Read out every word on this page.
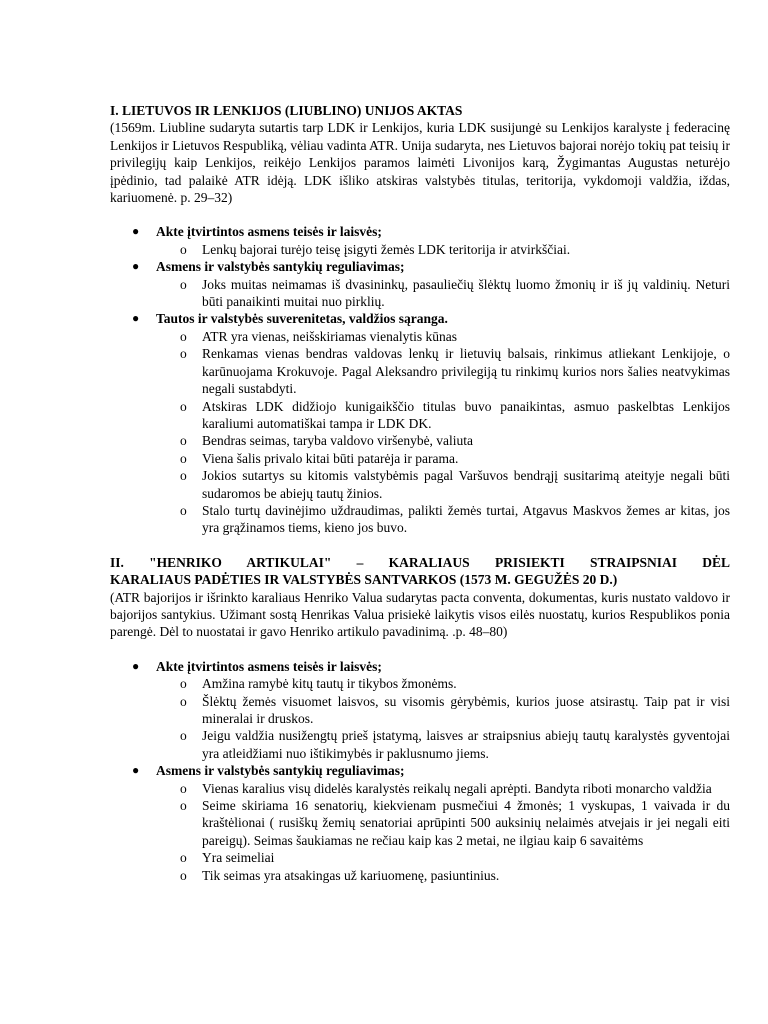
I. LIETUVOS IR LENKIJOS (LIUBLINO) UNIJOS AKTAS

(1569m. Liubline sudaryta sutartis tarp LDK ir Lenkijos, kuria LDK susijungė su Lenkijos karalyste į federacinę Lenkijos ir Lietuvos Respubliką, vėliau vadinta ATR. Unija sudaryta, nes Lietuvos bajorai norėjo tokių pat teisių ir privilegijų kaip Lenkijos, reikėjo Lenkijos paramos laimėti Livonijos karą, Žygimantas Augustas neturėjo įpėdinio, tad palaikė ATR idėją. LDK išliko atskiras valstybės titulas, teritorija, vykdomoji valdžia, iždas, kariuomenė. p. 29–32)

● Akte įtvirtintos asmens teisės ir laisvės;
o Lenkų bajorai turėjo teisę įsigyti žemės LDK teritorija ir atvirkščiai.
● Asmens ir valstybės santykių reguliavimas;
o Joks muitas neimamas iš dvasininkų, pasauliečių šlėktų luomo žmonių ir iš jų valdinių. Neturi būti panaikinti muitai nuo pirklių.
● Tautos ir valstybės suverenitetas, valdžios sąranga.
o ATR yra vienas, neišskiriamas vienalytis kūnas
o Renkamas vienas bendras valdovas lenkų ir lietuvių balsais, rinkimus atliekant Lenkijoje, o karūnuojama Krokuvoje. Pagal Aleksandro privilegiją tu rinkimų kurios nors šalies neatvykimas negali sustabdyti.
o Atskiras LDK didžiojo kunigaikščio titulas buvo panaikintas, asmuo paskelbtas Lenkijos karaliumi automatiškai tampa ir LDK DK.
o Bendras seimas, taryba valdovo viršenybė, valiuta
o Viena šalis privalo kitai būti patarėja ir parama.
o Jokios sutartys su kitomis valstybėmis pagal Varšuvos bendrąjį susitarimą ateityje negali būti sudaromos be abiejų tautų žinios.
o Stalo turtų davinėjimo uždraudimas, palikti žemės turtai, Atgavus Maskvos žemes ar kitas, jos yra grąžinamos tiems, kieno jos buvo.

II. "HENRIKO ARTIKULAI" – KARALIAUS PRISIEKTI STRAIPSNIAI DĖL

KARALIAUS PADĖTIES IR VALSTYBĖS SANTVARKOS (1573 M. GEGUŽĖS 20 D.)

(ATR bajorijos ir išrinkto karaliaus Henriko Valua sudarytas pacta conventa, dokumentas, kuris nustato valdovo ir bajorijos santykius. Užimant sostą Henrikas Valua prisiekė laikytis visos eilės nuostatų, kurios Respublikos ponia parengė. Dėl to nuostatai ir gavo Henriko artikulo pavadinimą. .p. 48–80)

● Akte įtvirtintos asmens teisės ir laisvės;
o Amžina ramybė kitų tautų ir tikybos žmonėms.
o Šlėktų žemės visuomet laisvos, su visomis gėrybėmis, kurios juose atsirastų. Taip pat ir visi mineralai ir druskos.
o Jeigu valdžia nusižengtų prieš įstatymą, laisves ar straipsnius abiejų tautų karalystės gyventojai yra atleidžiami nuo ištikimybės ir paklusnumo jiems.
● Asmens ir valstybės santykių reguliavimas;
o Vienas karalius visų didelės karalystės reikalų negali aprėpti. Bandyta riboti monarcho valdžia
o Seime skiriama 16 senatorių, kiekvienam pusmečiui 4 žmonės; 1 vyskupas, 1 vaivada ir du kraštėlionai ( rusiškų žemių senatoriai aprūpinti 500 auksinių nelaimės atvejais ir jei negali eiti pareigų). Seimas šaukiamas ne rečiau kaip kas 2 metai, ne ilgiau kaip 6 savaitėms
o Yra seimeliai
o Tik seimas yra atsakingas už kariuomenę, pasiuntinius.
